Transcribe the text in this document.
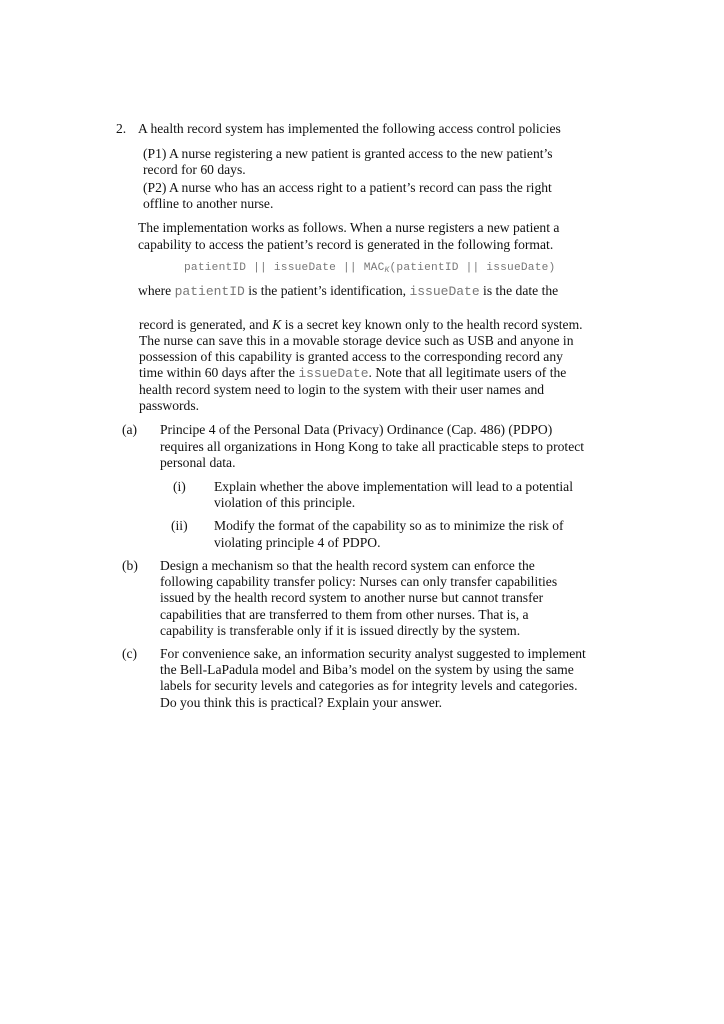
2. A health record system has implemented the following access control policies
(P1) A nurse registering a new patient is granted access to the new patient’s
record for 60 days.
(P2) A nurse who has an access right to a patient’s record can pass the right
offline to another nurse.
The implementation works as follows. When a nurse registers a new patient a
capability to access the patient’s record is generated in the following format.
patientID || issueDate || $MAC_K(patientID$ || issueDate)
where patientID is the patient’s identification, issueDate is the date the
record is generated, and K is a secret key known only to the health record system.
The nurse can save this in a movable storage device such as USB and anyone in
possession of this capability is granted access to the corresponding record any
time within 60 days after the issueDate. Note that all legitimate users of the
health record system need to login to the system with their user names and
passwords.
(a) Principe 4 of the Personal Data (Privacy) Ordinance (Cap. 486) (PDPO)
requires all organizations in Hong Kong to take all practicable steps to protect
personal data.
(i) Explain whether the above implementation will lead to a potential
violation of this principle.
(ii) Modify the format of the capability so as to minimize the risk of
violating principle 4 of PDPO.
(b) Design a mechanism so that the health record system can enforce the
following capability transfer policy: Nurses can only transfer capabilities
issued by the health record system to another nurse but cannot transfer
capabilities that are transferred to them from other nurses. That is, a
capability is transferable only if it is issued directly by the system.
(c) For convenience sake, an information security analyst suggested to implement
the Bell-LaPadula model and Biba’s model on the system by using the same
labels for security levels and categories as for integrity levels and categories.
Do you think this is practical? Explain your answer.
